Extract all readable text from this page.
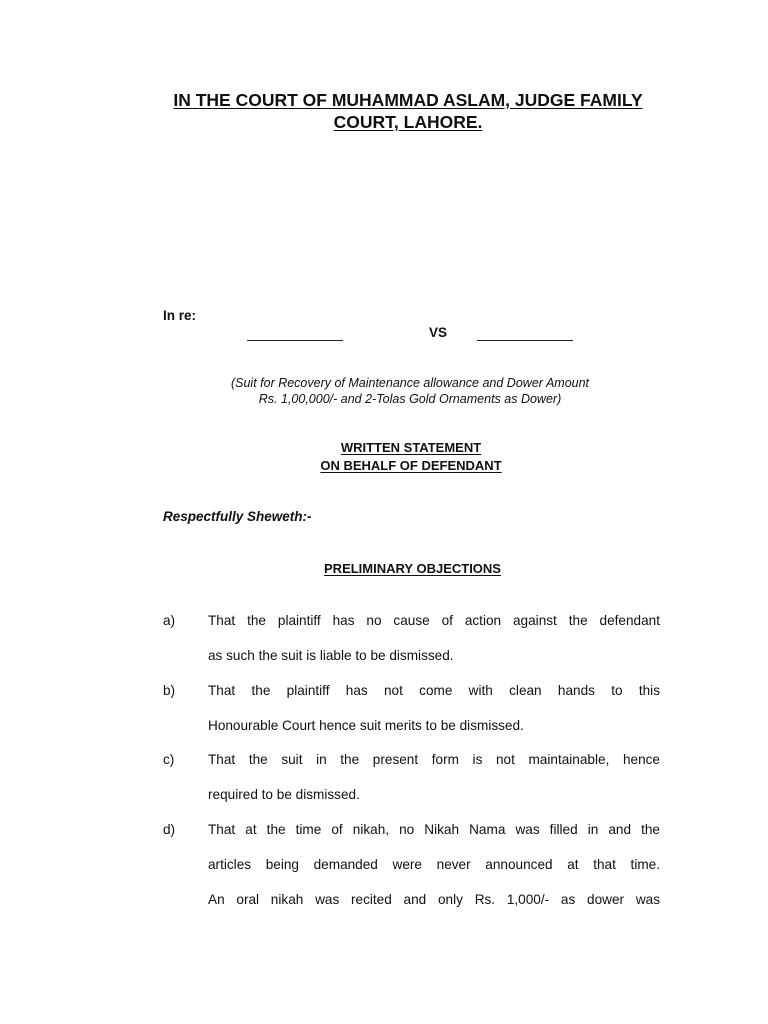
IN THE COURT OF MUHAMMAD ASLAM, JUDGE FAMILY
COURT, LAHORE.
In re:
VS
(Suit for Recovery of Maintenance allowance and Dower Amount
Rs. 1,00,000/- and 2-Tolas Gold Ornaments as Dower)
WRITTEN STATEMENT
ON BEHALF OF DEFENDANT
Respectfully Sheweth:-
PRELIMINARY OBJECTIONS
a) That the plaintiff has no cause of action against the defendant
as such the suit is liable to be dismissed.
b) That the plaintiff has not come with clean hands to this
Honourable Court hence suit merits to be dismissed.
c) That the suit in the present form is not maintainable, hence
required to be dismissed.
d) That at the time of nikah, no Nikah Nama was filled in and the
articles being demanded were never announced at that time.
An oral nikah was recited and only Rs. 1,000/- as dower was
